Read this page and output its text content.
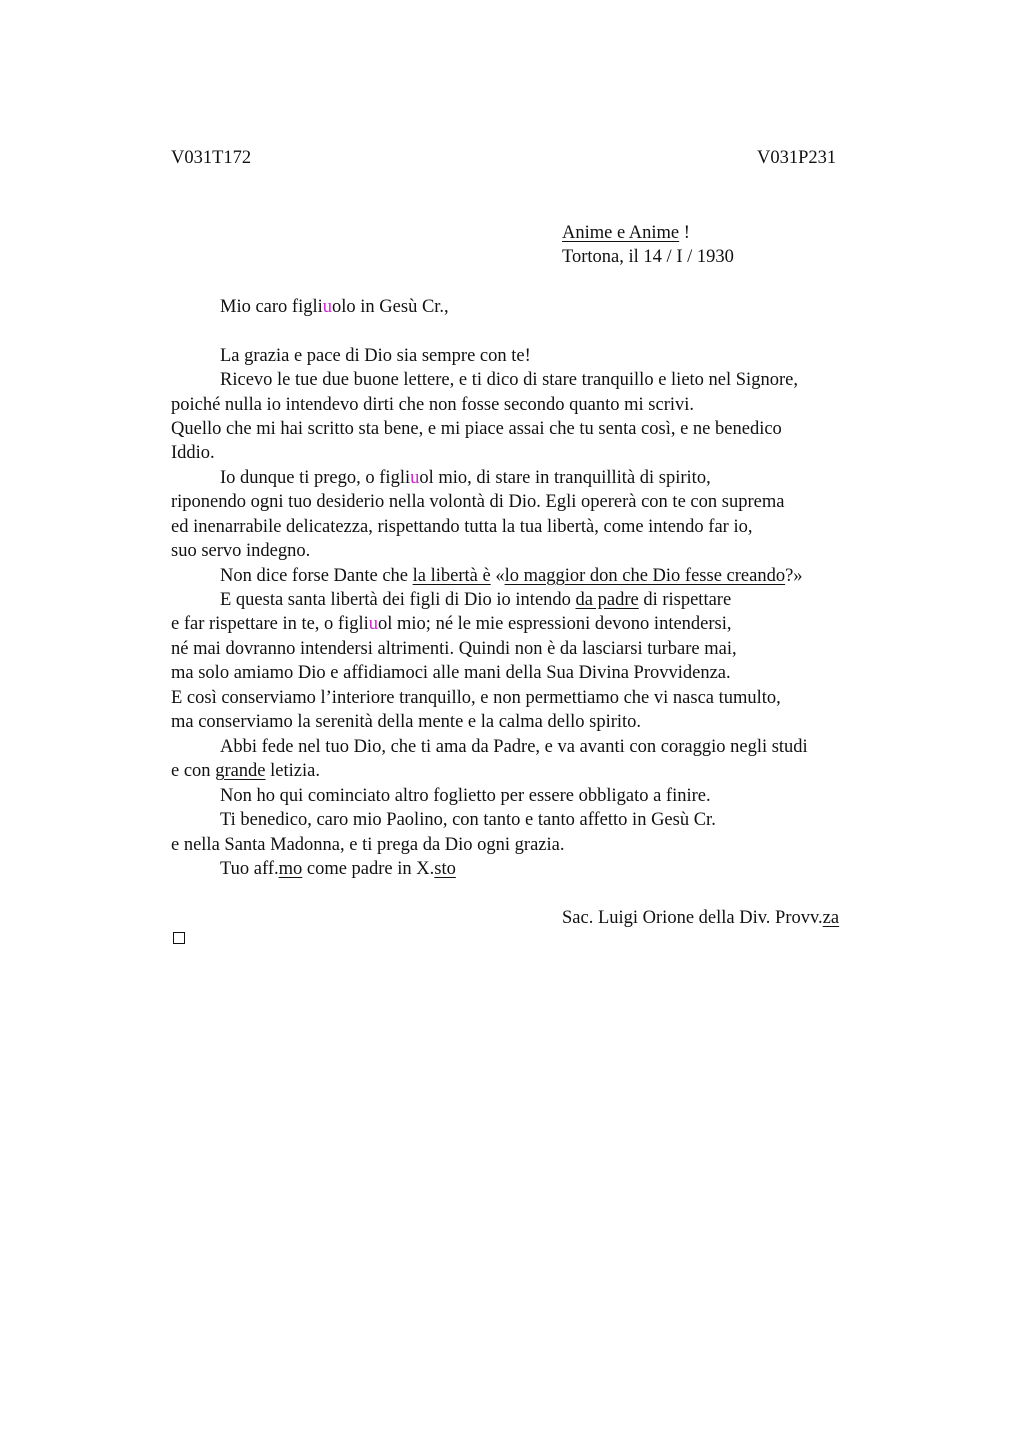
V031T172	V031P231
Anime e Anime !
Tortona, il 14 / I / 1930
Mio caro figliuolo in Gesù Cr.,
La grazia e pace di Dio sia sempre con te!
Ricevo le tue due buone lettere, e ti dico di stare tranquillo e lieto nel Signore,
poiché nulla io intendevo dirti che non fosse secondo quanto mi scrivi.
Quello che mi hai scritto sta bene, e mi piace assai che tu senta così, e ne benedico
Iddio.
Io dunque ti prego, o figliuol mio, di stare in tranquillità di spirito,
riponendo ogni tuo desiderio nella volontà di Dio. Egli opererà con te con suprema
ed inenarrabile delicatezza, rispettando tutta la tua libertà, come intendo far io,
suo servo indegno.
Non dice forse Dante che la libertà è «lo maggior don che Dio fesse creando?»
E questa santa libertà dei figli di Dio io intendo da padre di rispettare
e far rispettare in te, o figliuol mio; né le mie espressioni devono intendersi,
né mai dovranno intendersi altrimenti. Quindi non è da lasciarsi turbare mai,
ma solo amiamo Dio e affidiamoci alle mani della Sua Divina Provvidenza.
E così conserviamo l’interiore tranquillo, e non permettiamo che vi nasca tumulto,
ma conserviamo la serenità della mente e la calma dello spirito.
Abbi fede nel tuo Dio, che ti ama da Padre, e va avanti con coraggio negli studi
e con grande letizia.
Non ho qui cominciato altro foglietto per essere obbligato a finire.
Ti benedico, caro mio Paolino, con tanto e tanto affetto in Gesù Cr.
e nella Santa Madonna, e ti prega da Dio ogni grazia.
Tuo aff.mo come padre in X.sto
Sac. Luigi Orione della Div. Provv.za
